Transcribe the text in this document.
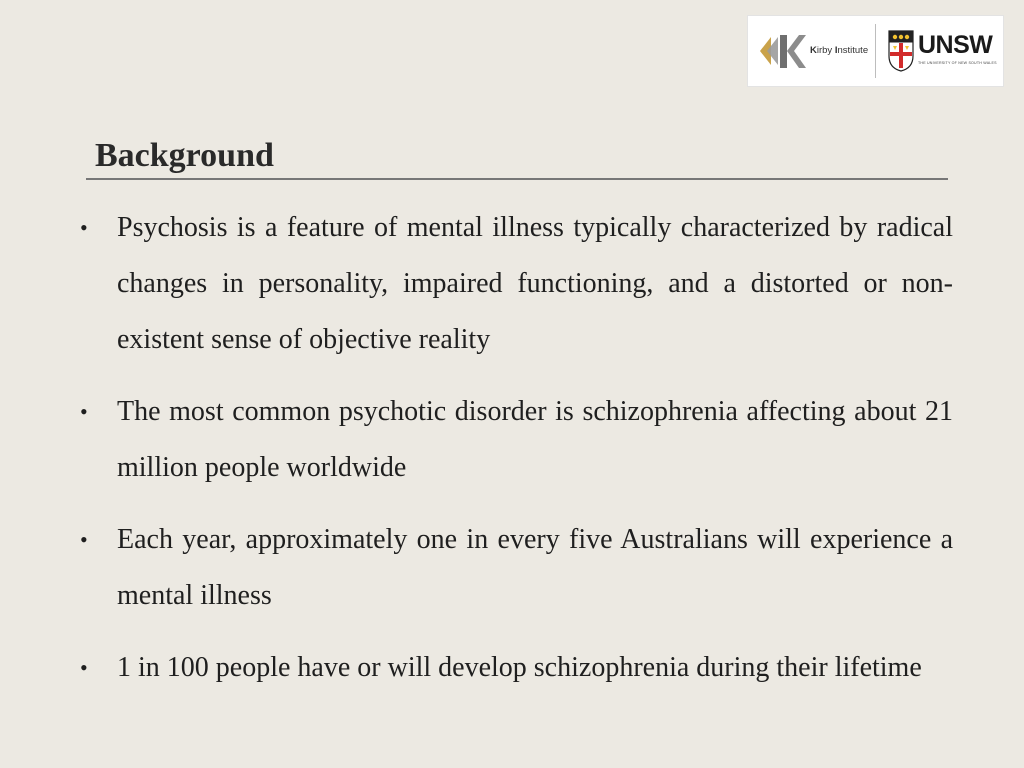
Kirby Institute UNSW
THE UNIVERSITY OF NEW SOUTH WALES
Background
• Psychosis is a feature of mental illness typically characterized by radical changes in personality, impaired functioning, and a distorted or non-existent sense of objective reality
• The most common psychotic disorder is schizophrenia affecting about 21 million people worldwide
• Each year, approximately one in every five Australians will experience a mental illness
• 1 in 100 people have or will develop schizophrenia during their lifetime
